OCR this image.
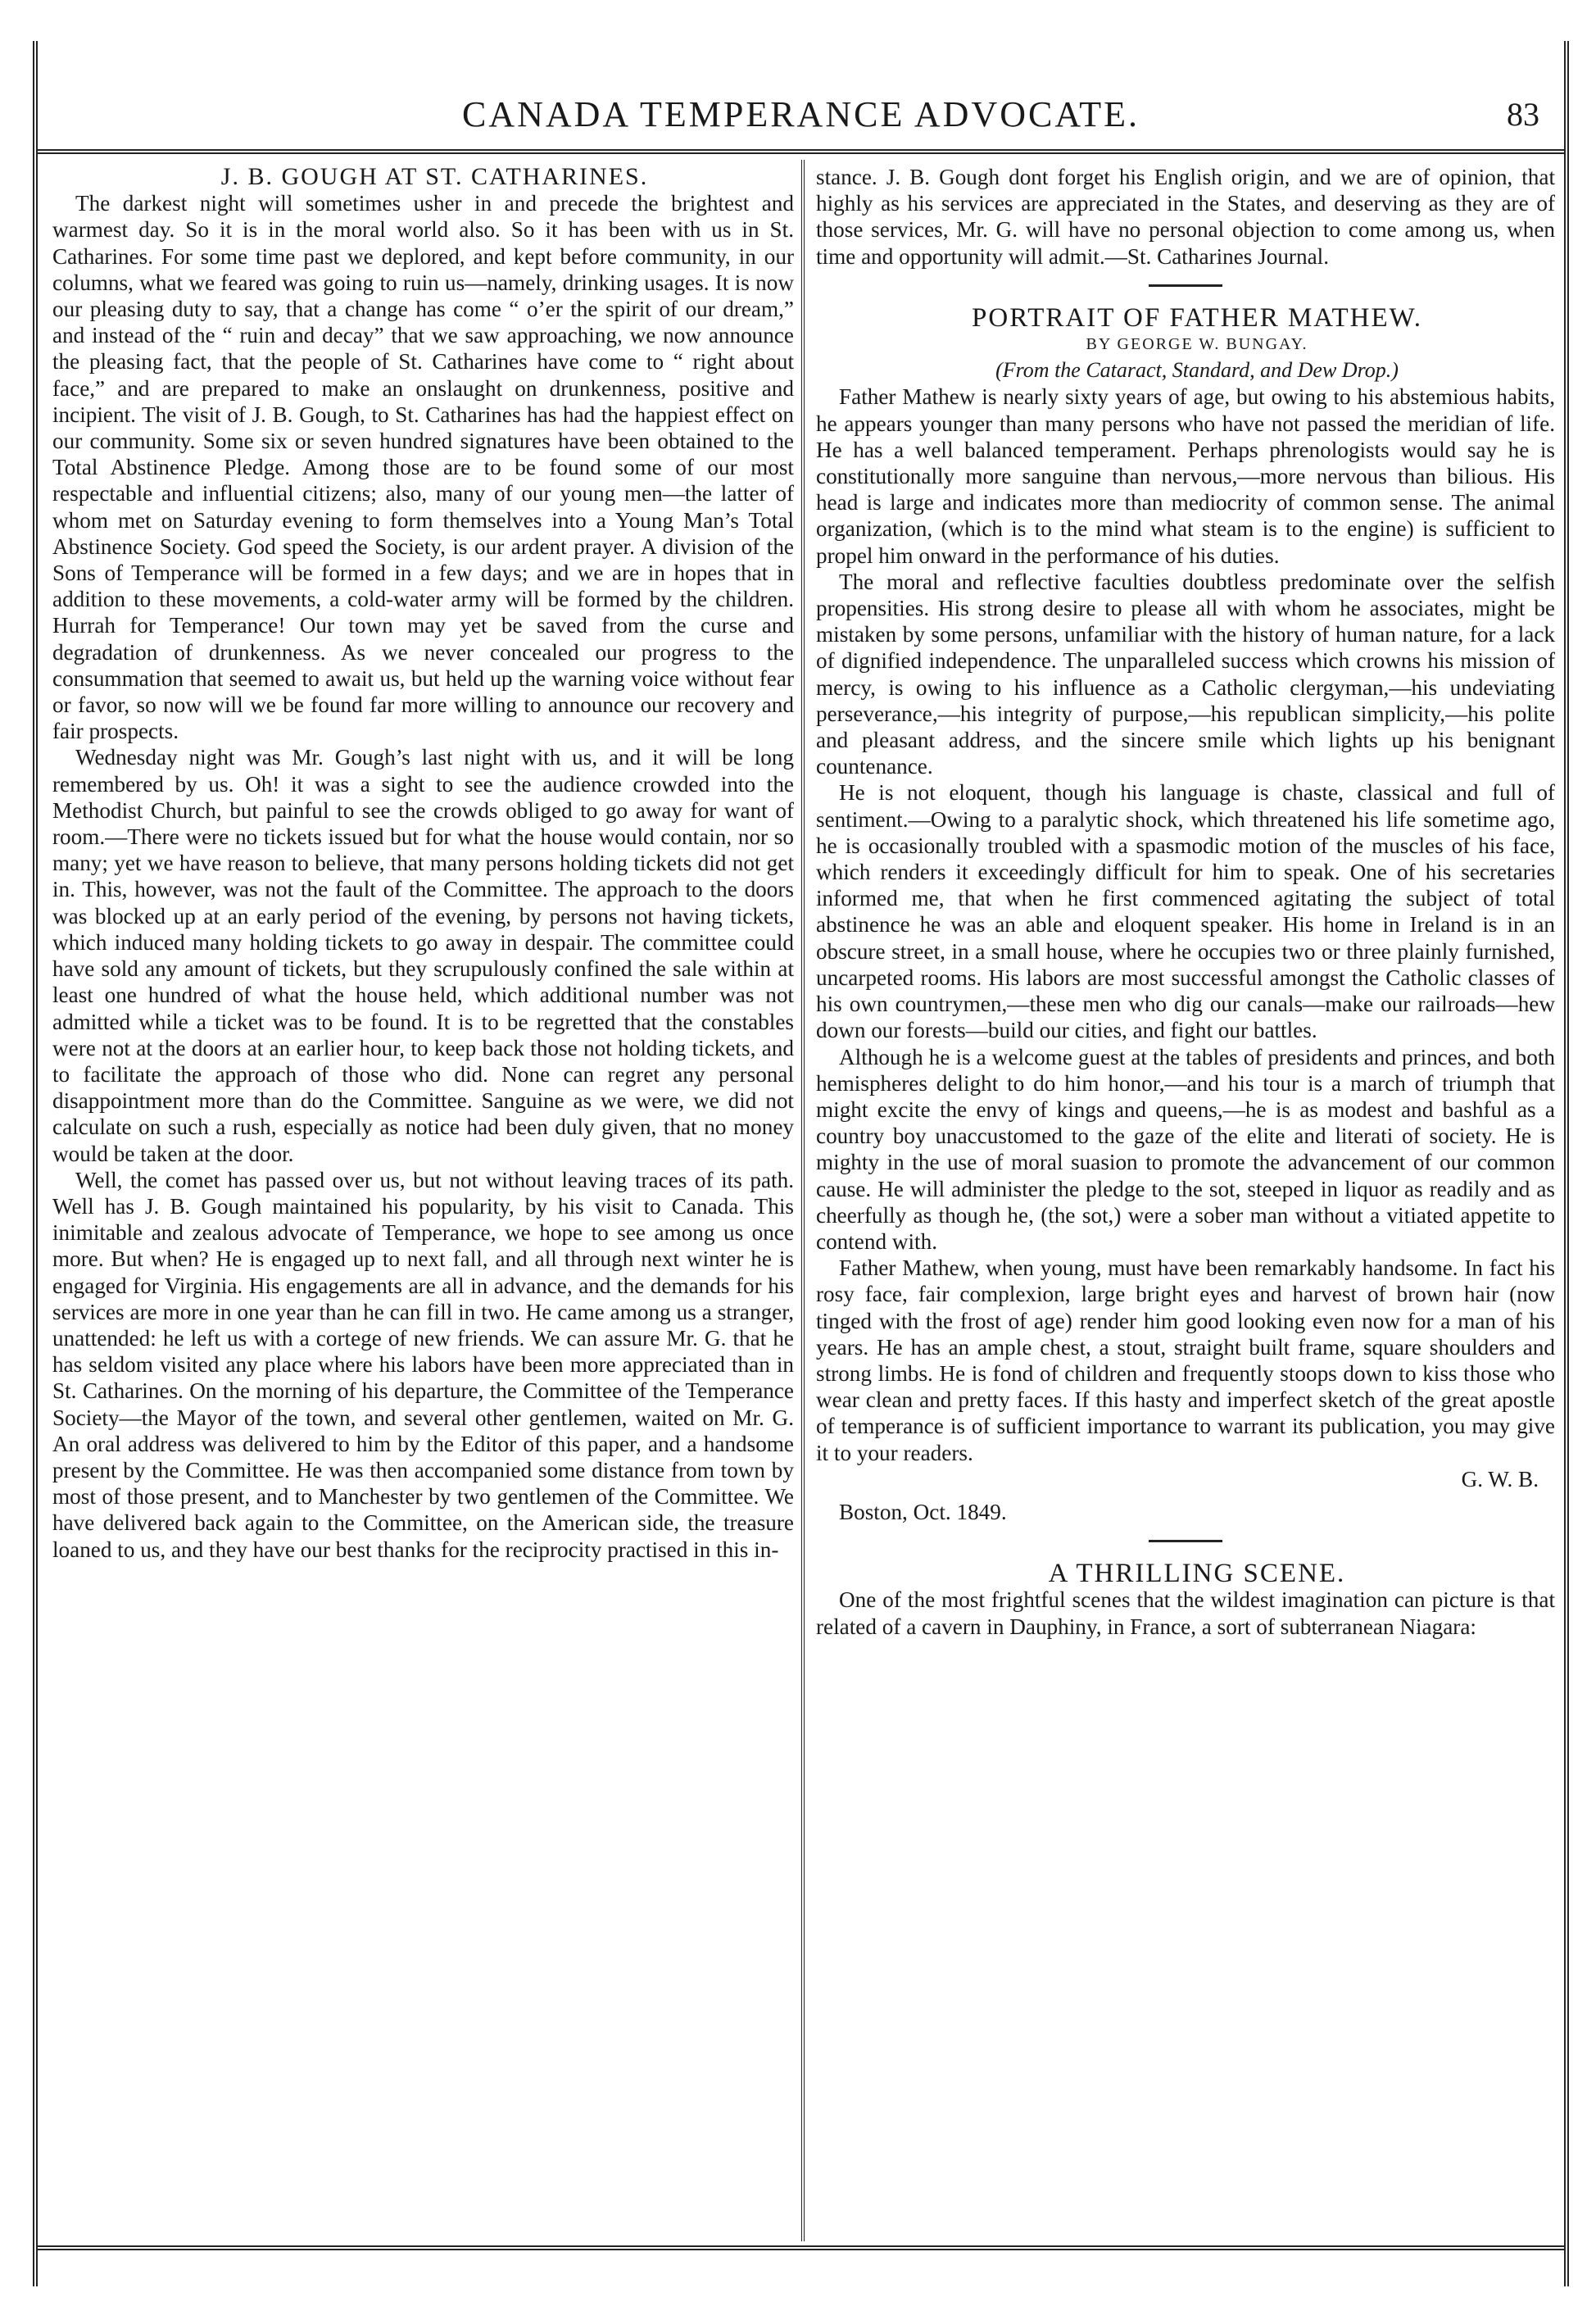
CANADA TEMPERANCE ADVOCATE.	83

J. B. GOUGH AT ST. CATHARINES.

The darkest night will sometimes usher in and precede the brightest and warmest day. So it is in the moral world also. So it has been with us in St. Catharines. For some time past we deplored, and kept before community, in our columns, what we feared was going to ruin us—namely, drinking usages. It is now our pleasing duty to say, that a change has come “ o’er the spirit of our dream,” and instead of the “ ruin and decay” that we saw approaching, we now announce the pleasing fact, that the people of St. Catharines have come to “ right about face,” and are prepared to make an onslaught on drunkenness, positive and incipient. The visit of J. B. Gough, to St. Catharines has had the happiest effect on our community. Some six or seven hundred signatures have been obtained to the Total Abstinence Pledge. Among those are to be found some of our most respectable and influential citizens; also, many of our young men—the latter of whom met on Saturday evening to form themselves into a Young Man’s Total Abstinence Society. God speed the Society, is our ardent prayer. A division of the Sons of Temperance will be formed in a few days; and we are in hopes that in addition to these movements, a cold-water army will be formed by the children. Hurrah for Temperance! Our town may yet be saved from the curse and degradation of drunkenness. As we never concealed our progress to the consummation that seemed to await us, but held up the warning voice without fear or favor, so now will we be found far more willing to announce our recovery and fair prospects.

Wednesday night was Mr. Gough’s last night with us, and it will be long remembered by us. Oh! it was a sight to see the audience crowded into the Methodist Church, but painful to see the crowds obliged to go away for want of room.—There were no tickets issued but for what the house would contain, nor so many; yet we have reason to believe, that many persons holding tickets did not get in. This, however, was not the fault of the Committee. The approach to the doors was blocked up at an early period of the evening, by persons not having tickets, which induced many holding tickets to go away in despair. The committee could have sold any amount of tickets, but they scrupulously confined the sale within at least one hundred of what the house held, which additional number was not admitted while a ticket was to be found. It is to be regretted that the constables were not at the doors at an earlier hour, to keep back those not holding tickets, and to facilitate the approach of those who did. None can regret any personal disappointment more than do the Committee. Sanguine as we were, we did not calculate on such a rush, especially as notice had been duly given, that no money would be taken at the door.

Well, the comet has passed over us, but not without leaving traces of its path. Well has J. B. Gough maintained his popularity, by his visit to Canada. This inimitable and zealous advocate of Temperance, we hope to see among us once more. But when? He is engaged up to next fall, and all through next winter he is engaged for Virginia. His engagements are all in advance, and the demands for his services are more in one year than he can fill in two. He came among us a stranger, unattended: he left us with a cortege of new friends. We can assure Mr. G. that he has seldom visited any place where his labors have been more appreciated than in St. Catharines. On the morning of his departure, the Committee of the Temperance Society—the Mayor of the town, and several other gentlemen, waited on Mr. G. An oral address was delivered to him by the Editor of this paper, and a handsome present by the Committee. He was then accompanied some distance from town by most of those present, and to Manchester by two gentlemen of the Committee. We have delivered back again to the Committee, on the American side, the treasure loaned to us, and they have our best thanks for the reciprocity practised in this in-

stance. J. B. Gough dont forget his English origin, and we are of opinion, that highly as his services are appreciated in the States, and deserving as they are of those services, Mr. G. will have no personal objection to come among us, when time and opportunity will admit.—St. Catharines Journal.

PORTRAIT OF FATHER MATHEW.

BY GEORGE W. BUNGAY.

(From the Cataract, Standard, and Dew Drop.)

Father Mathew is nearly sixty years of age, but owing to his abstemious habits, he appears younger than many persons who have not passed the meridian of life. He has a well balanced temperament. Perhaps phrenologists would say he is constitutionally more sanguine than nervous,—more nervous than bilious. His head is large and indicates more than mediocrity of common sense. The animal organization, (which is to the mind what steam is to the engine) is sufficient to propel him onward in the performance of his duties.

The moral and reflective faculties doubtless predominate over the selfish propensities. His strong desire to please all with whom he associates, might be mistaken by some persons, unfamiliar with the history of human nature, for a lack of dignified independence. The unparalleled success which crowns his mission of mercy, is owing to his influence as a Catholic clergyman,—his undeviating perseverance,—his integrity of purpose,—his republican simplicity,—his polite and pleasant address, and the sincere smile which lights up his benignant countenance.

He is not eloquent, though his language is chaste, classical and full of sentiment.—Owing to a paralytic shock, which threatened his life sometime ago, he is occasionally troubled with a spasmodic motion of the muscles of his face, which renders it exceedingly difficult for him to speak. One of his secretaries informed me, that when he first commenced agitating the subject of total abstinence he was an able and eloquent speaker. His home in Ireland is in an obscure street, in a small house, where he occupies two or three plainly furnished, uncarpeted rooms. His labors are most successful amongst the Catholic classes of his own countrymen,—these men who dig our canals—make our railroads—hew down our forests—build our cities, and fight our battles.

Although he is a welcome guest at the tables of presidents and princes, and both hemispheres delight to do him honor,—and his tour is a march of triumph that might excite the envy of kings and queens,—he is as modest and bashful as a country boy unaccustomed to the gaze of the elite and literati of society. He is mighty in the use of moral suasion to promote the advancement of our common cause. He will administer the pledge to the sot, steeped in liquor as readily and as cheerfully as though he, (the sot,) were a sober man without a vitiated appetite to contend with.

Father Mathew, when young, must have been remarkably handsome. In fact his rosy face, fair complexion, large bright eyes and harvest of brown hair (now tinged with the frost of age) render him good looking even now for a man of his years. He has an ample chest, a stout, straight built frame, square shoulders and strong limbs. He is fond of children and frequently stoops down to kiss those who wear clean and pretty faces. If this hasty and imperfect sketch of the great apostle of temperance is of sufficient importance to warrant its publication, you may give it to your readers.

G. W. B.

Boston, Oct. 1849.

A THRILLING SCENE.

One of the most frightful scenes that the wildest imagination can picture is that related of a cavern in Dauphiny, in France, a sort of subterranean Niagara:
